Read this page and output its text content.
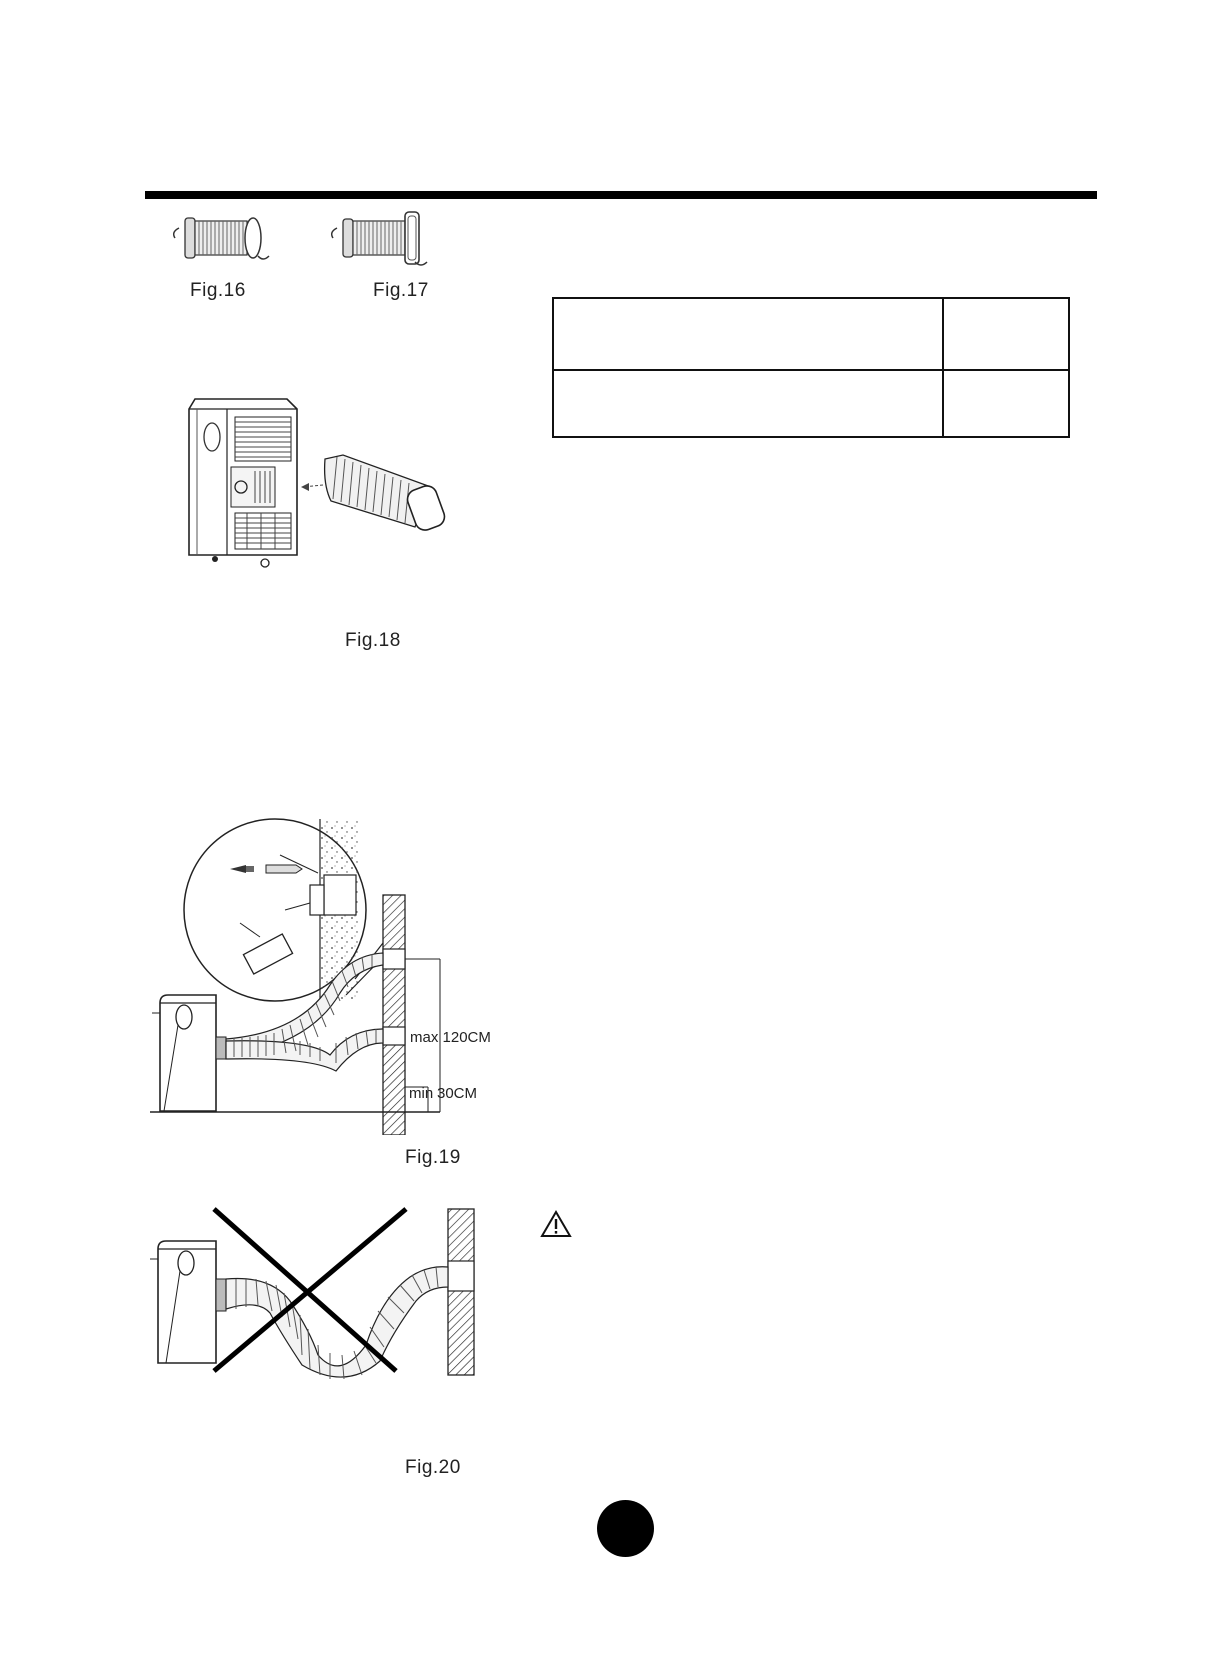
Fig.16	Fig.17

Fig.18
max 120CM
min 30CM
Fig.19
Fig.20
